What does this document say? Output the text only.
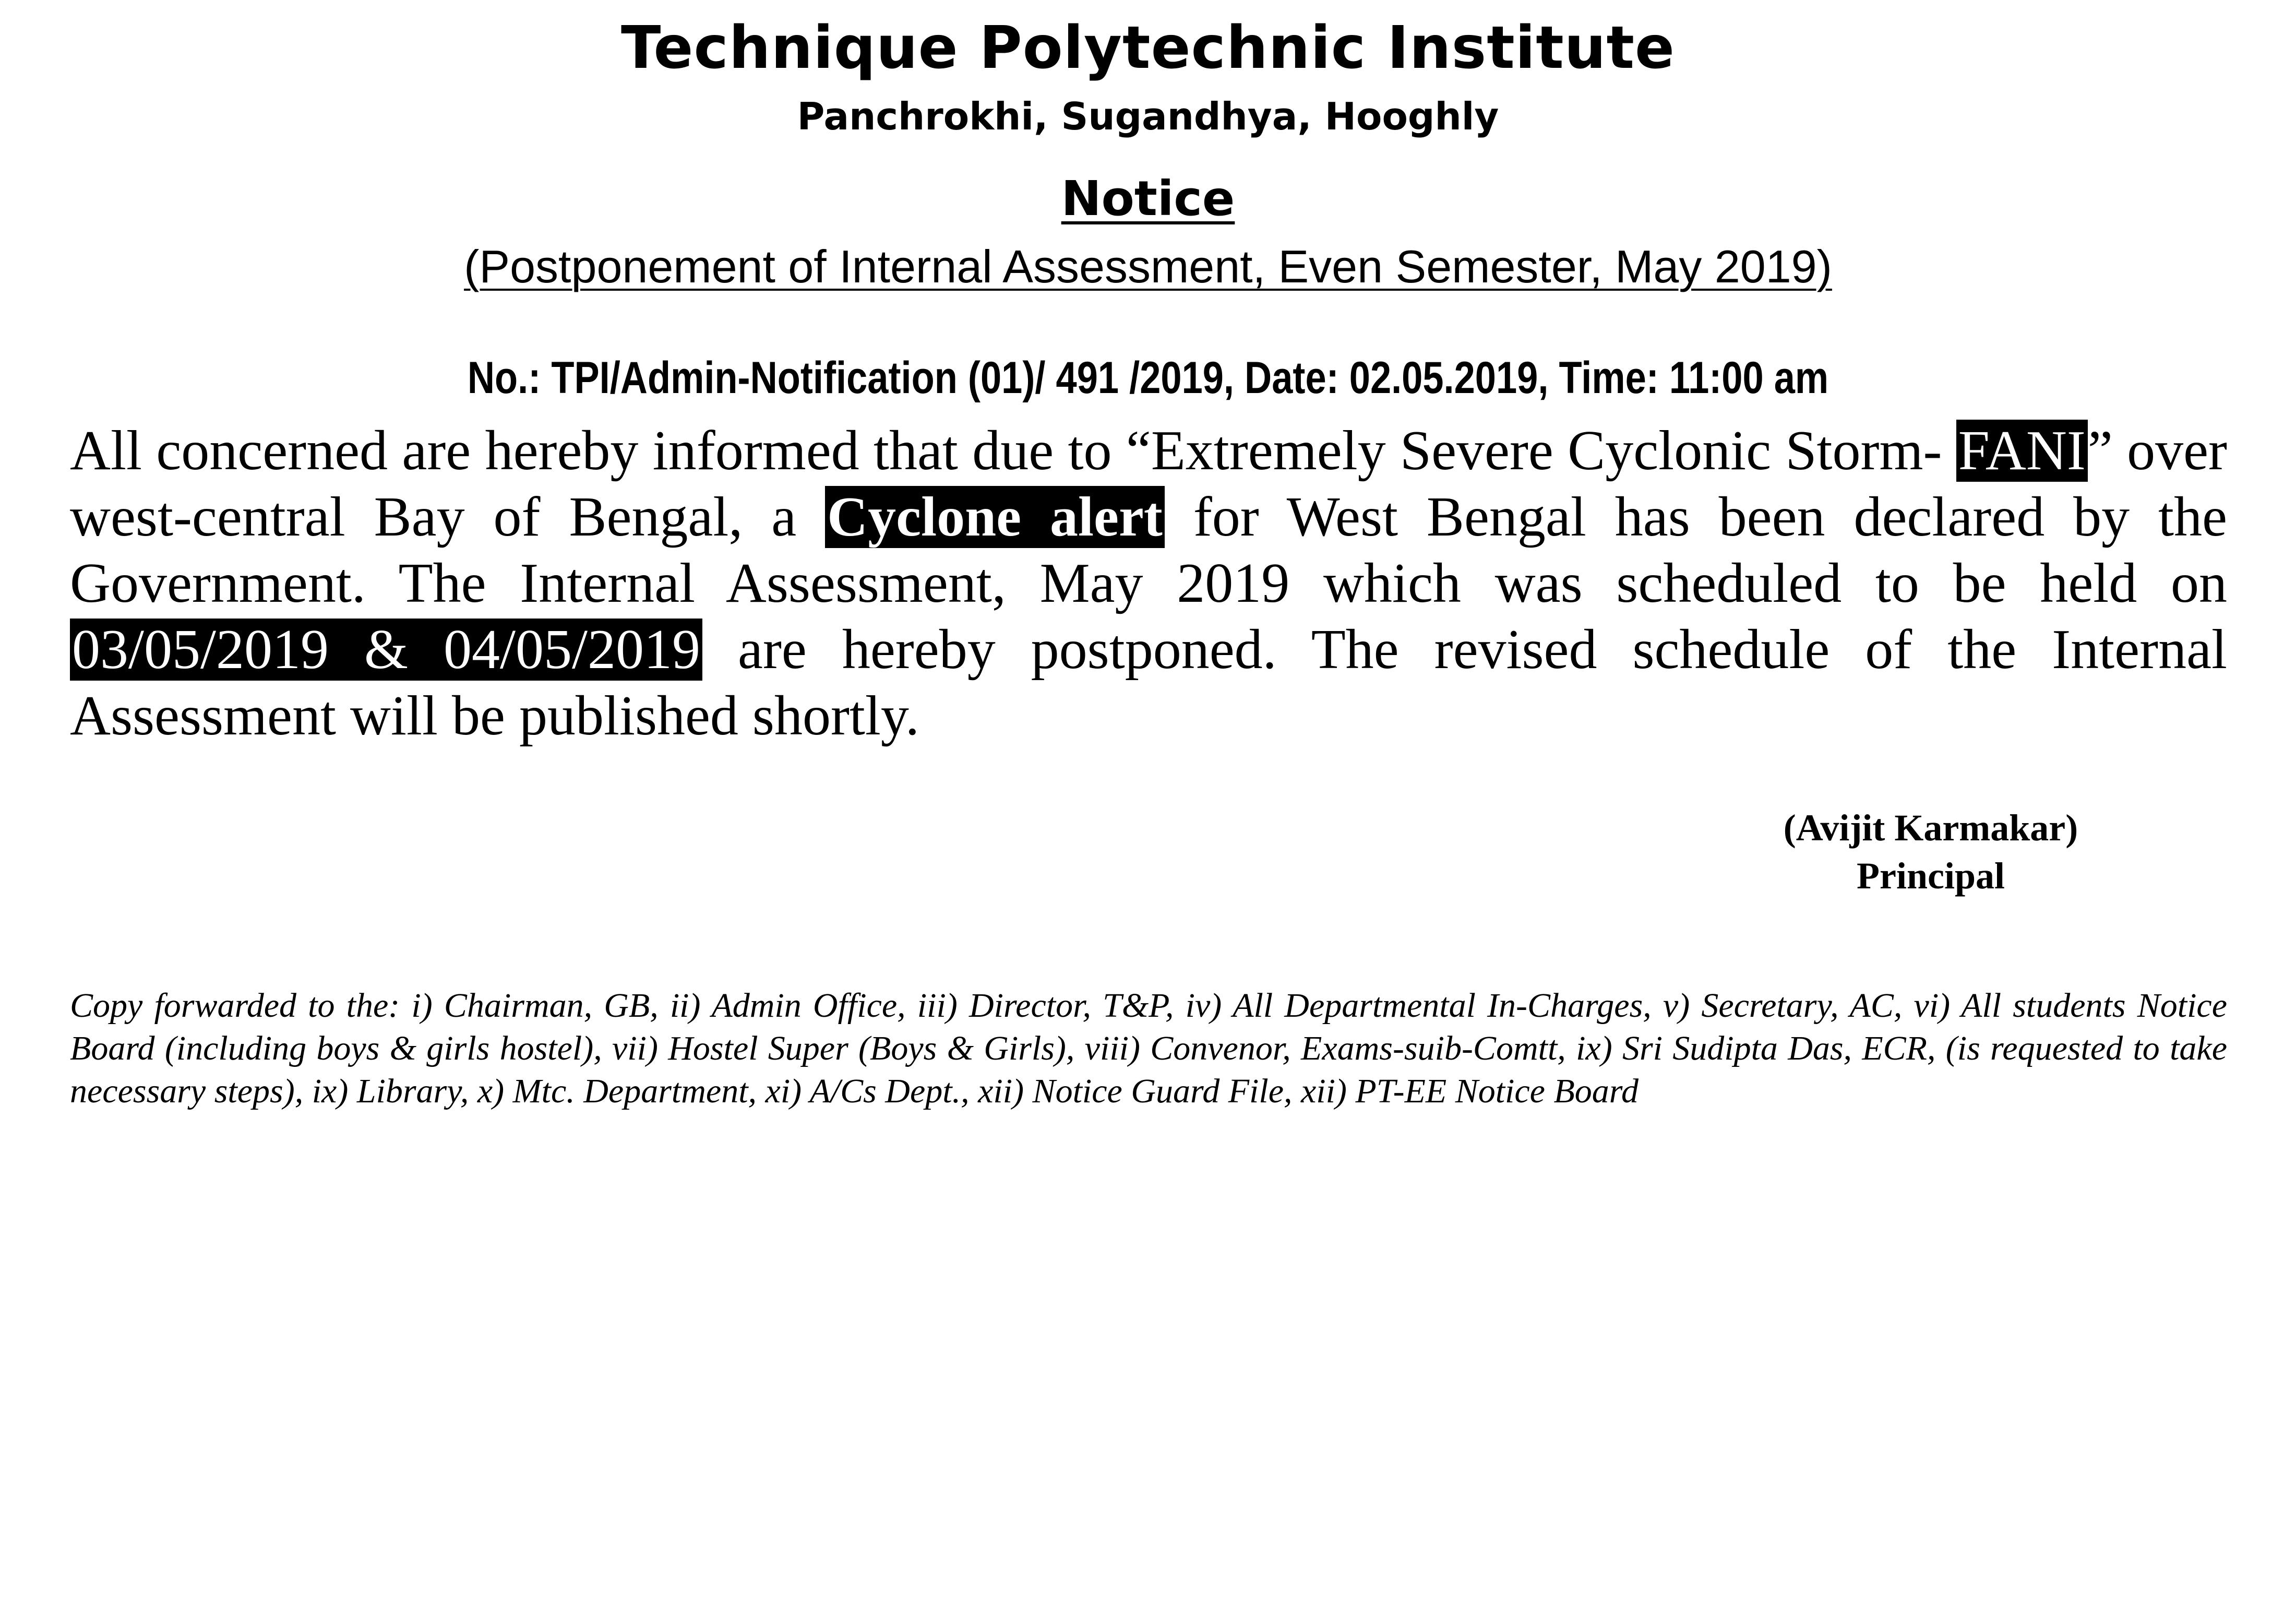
Technique Polytechnic Institute
Panchrokhi, Sugandhya, Hooghly
Notice
(Postponement of Internal Assessment, Even Semester, May 2019)
No.: TPI/Admin-Notification (01)/ 491 /2019, Date: 02.05.2019, Time: 11:00 am
All concerned are hereby informed that due to “Extremely Severe Cyclonic Storm- FANI” over west-central Bay of Bengal, a Cyclone alert for West Bengal has been declared by the Government. The Internal Assessment, May 2019 which was scheduled to be held on 03/05/2019 & 04/05/2019 are hereby postponed. The revised schedule of the Internal Assessment will be published shortly.
(Avijit Karmakar)
Principal
Copy forwarded to the: i) Chairman, GB, ii) Admin Office, iii) Director, T&P, iv) All Departmental In-Charges, v) Secretary, AC, vi) All students Notice Board (including boys & girls hostel), vii) Hostel Super (Boys & Girls), viii) Convenor, Exams-suib-Comtt, ix) Sri Sudipta Das, ECR, (is requested to take necessary steps), ix) Library, x) Mtc. Department, xi) A/Cs Dept., xii) Notice Guard File, xii) PT-EE Notice Board
